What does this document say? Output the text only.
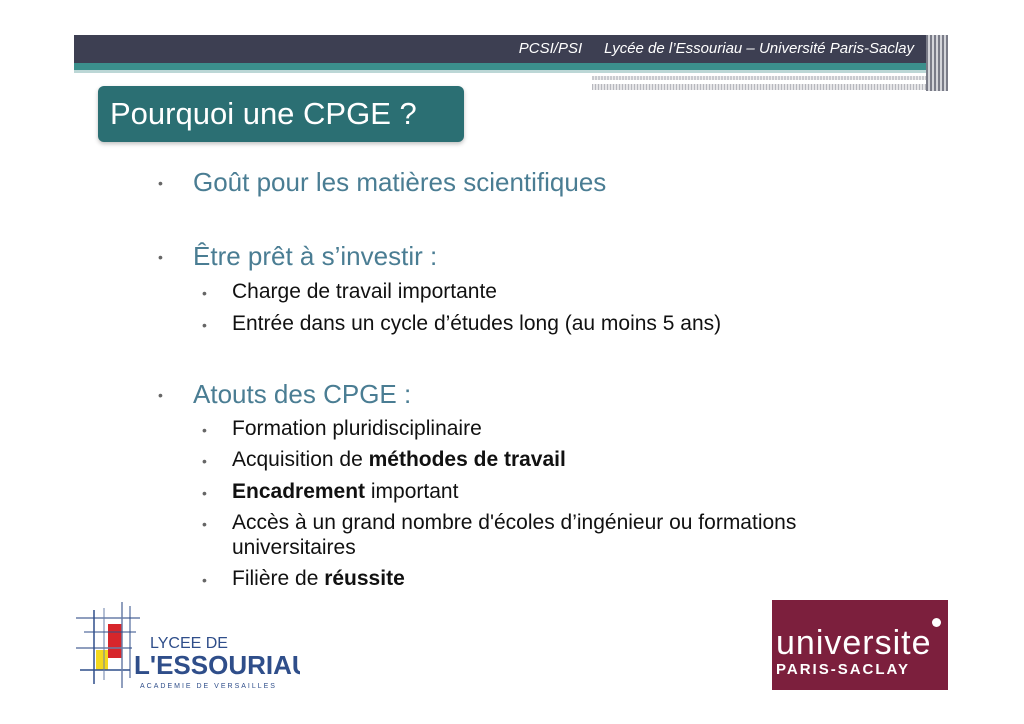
PCSI/PSI Lycée de l’Essouriau – Université Paris-Saclay
Pourquoi une CPGE ?
• Goût pour les matières scientifiques
• Être prêt à s’investir :
• Charge de travail importante
• Entrée dans un cycle d’études long (au moins 5 ans)
• Atouts des CPGE :
• Formation pluridisciplinaire
• Acquisition de méthodes de travail
• Encadrement important
• Accès à un grand nombre d'écoles d’ingénieur ou formations
universitaires
• Filière de réussite
LYCEE DE
L'ESSOURIAU
ACADEMIE DE VERSAILLES
universite
PARIS-SACLAY
